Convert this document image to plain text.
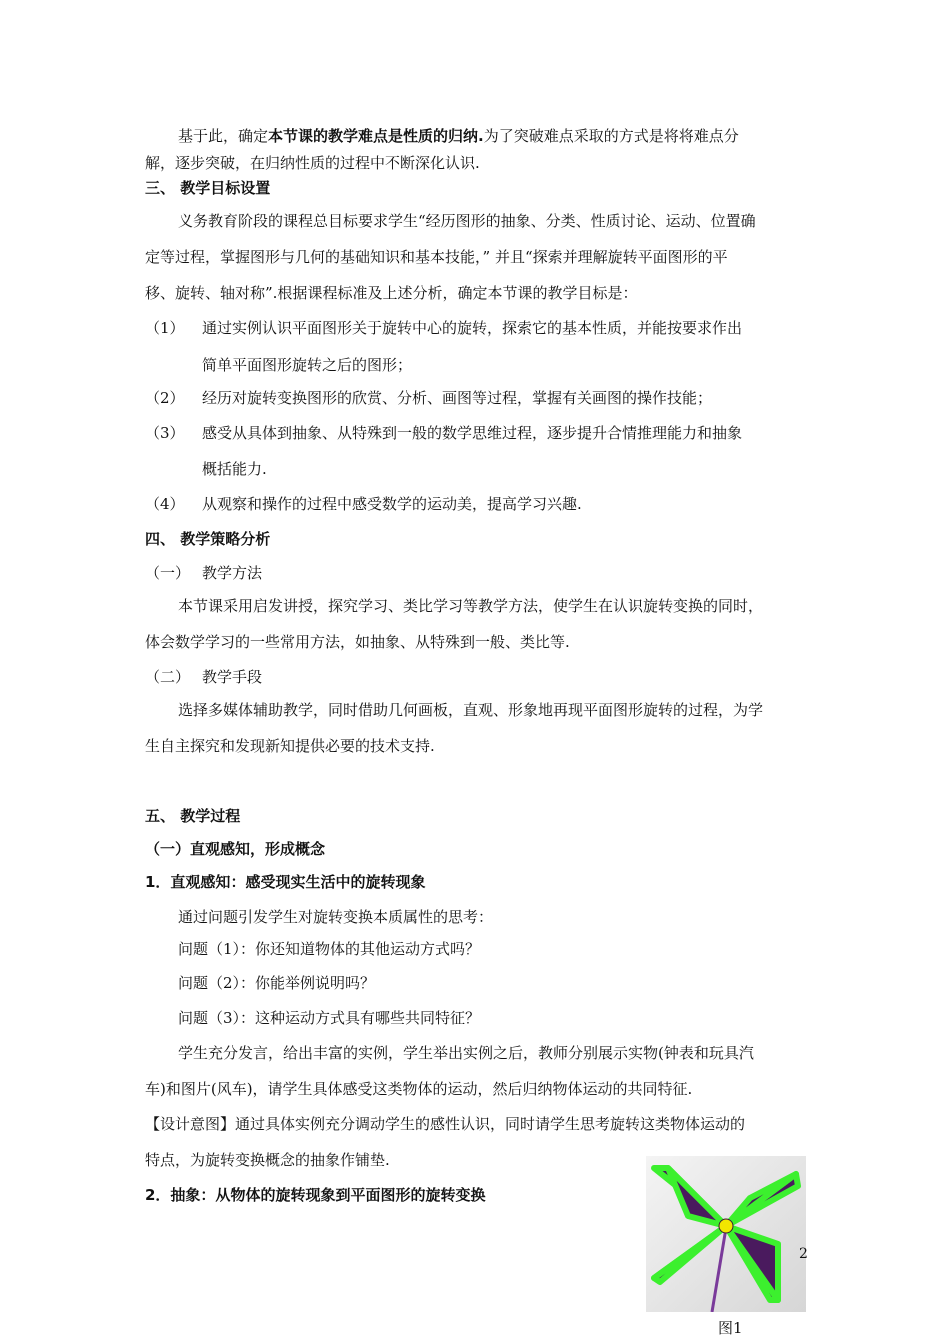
基于此，确定本节课的教学难点是性质的归纳.为了突破难点采取的方式是将将难点分
解，逐步突破，在归纳性质的过程中不断深化认识.
三、 教学目标设置
义务教育阶段的课程总目标要求学生“经历图形的抽象、分类、性质讨论、运动、位置确
定等过程，掌握图形与几何的基础知识和基本技能，” 并且“探索并理解旋转平面图形的平
移、旋转、轴对称”.根据课程标准及上述分析，确定本节课的教学目标是：
（1） 通过实例认识平面图形关于旋转中心的旋转，探索它的基本性质，并能按要求作出
简单平面图形旋转之后的图形；
（2） 经历对旋转变换图形的欣赏、分析、画图等过程，掌握有关画图的操作技能；
（3） 感受从具体到抽象、从特殊到一般的数学思维过程，逐步提升合情推理能力和抽象
概括能力.
（4） 从观察和操作的过程中感受数学的运动美，提高学习兴趣.
四、 教学策略分析
（一） 教学方法
本节课采用启发讲授，探究学习、类比学习等教学方法，使学生在认识旋转变换的同时，
体会数学学习的一些常用方法，如抽象、从特殊到一般、类比等.
（二） 教学手段
选择多媒体辅助教学，同时借助几何画板，直观、形象地再现平面图形旋转的过程，为学
生自主探究和发现新知提供必要的技术支持.
五、 教学过程
（一）直观感知，形成概念
1．直观感知：感受现实生活中的旋转现象
通过问题引发学生对旋转变换本质属性的思考：
问题（1）：你还知道物体的其他运动方式吗？
问题（2）：你能举例说明吗？
问题（3）：这种运动方式具有哪些共同特征？
学生充分发言，给出丰富的实例，学生举出实例之后，教师分别展示实物(钟表和玩具汽
车)和图片(风车)，请学生具体感受这类物体的运动，然后归纳物体运动的共同特征.
【设计意图】通过具体实例充分调动学生的感性认识，同时请学生思考旋转这类物体运动的
特点，为旋转变换概念的抽象作铺垫.
2．抽象：从物体的旋转现象到平面图形的旋转变换
图1
2
